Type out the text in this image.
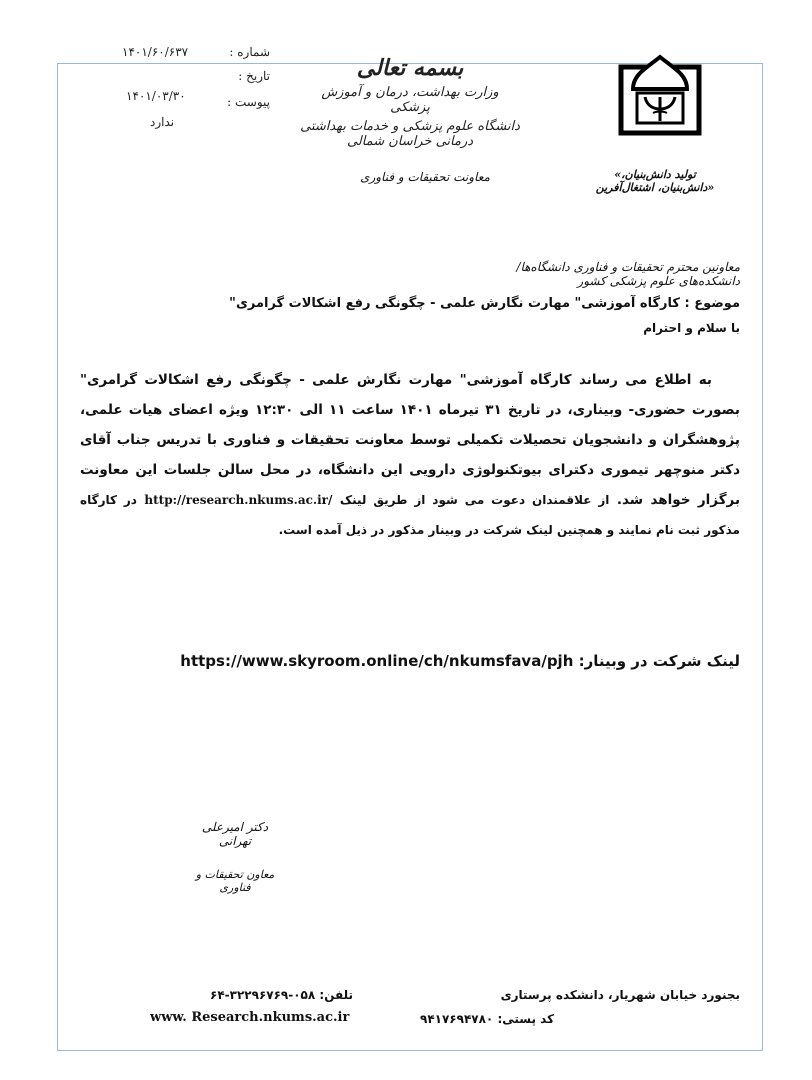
شماره :
۱۴۰۱/۶۰/۶۳۷
تاریخ :
۱۴۰۱/۰۳/۳۰	پیوست :
ندارد
بسمه تعالی
وزارت بهداشت، درمان و آموزش پزشکی
دانشگاه علوم پزشکی و خدمات بهداشتی درمانی خراسان شمالی
«تولید دانش‌بنیان، دانش‌بنیان، اشتغال‌آفرین»
معاونت تحقیقات و فناوری
معاونین محترم تحقیقات و فناوری دانشگاه‌ها/دانشکده‌های علوم پزشکی کشور
موضوع : کارگاه آموزشی" مهارت نگارش علمی - چگونگی رفع اشکالات گرامری"
با سلام و احترام

به اطلاع می رساند کارگاه آموزشی" مهارت نگارش علمی - چگونگی رفع اشکالات گرامری" بصورت حضوری- وبیناری، در تاریخ ۳۱ تیرماه ۱۴۰۱ ساعت ۱۱ الی ۱۲:۳۰ ویژه اعضای هیات علمی، پژوهشگران و دانشجویان تحصیلات تکمیلی توسط معاونت تحقیقات و فناوری با تدریس جناب آقای دکتر منوچهر تیموری دکترای بیوتکنولوژی دارویی این دانشگاه، در محل سالن جلسات این معاونت برگزار خواهد شد. از علاقمندان دعوت می شود از طریق لینک http://research.nkums.ac.ir/ در کارگاه مذکور ثبت نام نمایند و همچنین لینک شرکت در وبینار مذکور در ذیل آمده است.

لینک شرکت در وبینار: https://www.skyroom.online/ch/nkumsfava/pjh
دکتر امیرعلی تهرانی
معاون تحقیقات و فناوری
بجنورد خیابان شهریار، دانشکده پرستاری
کد پستی: ۹۴۱۷۶۹۴۷۸۰
تلفن: ۰۵۸-۳۲۲۹۶۷۶۹-۶۴
www. Research.nkums.ac.ir
